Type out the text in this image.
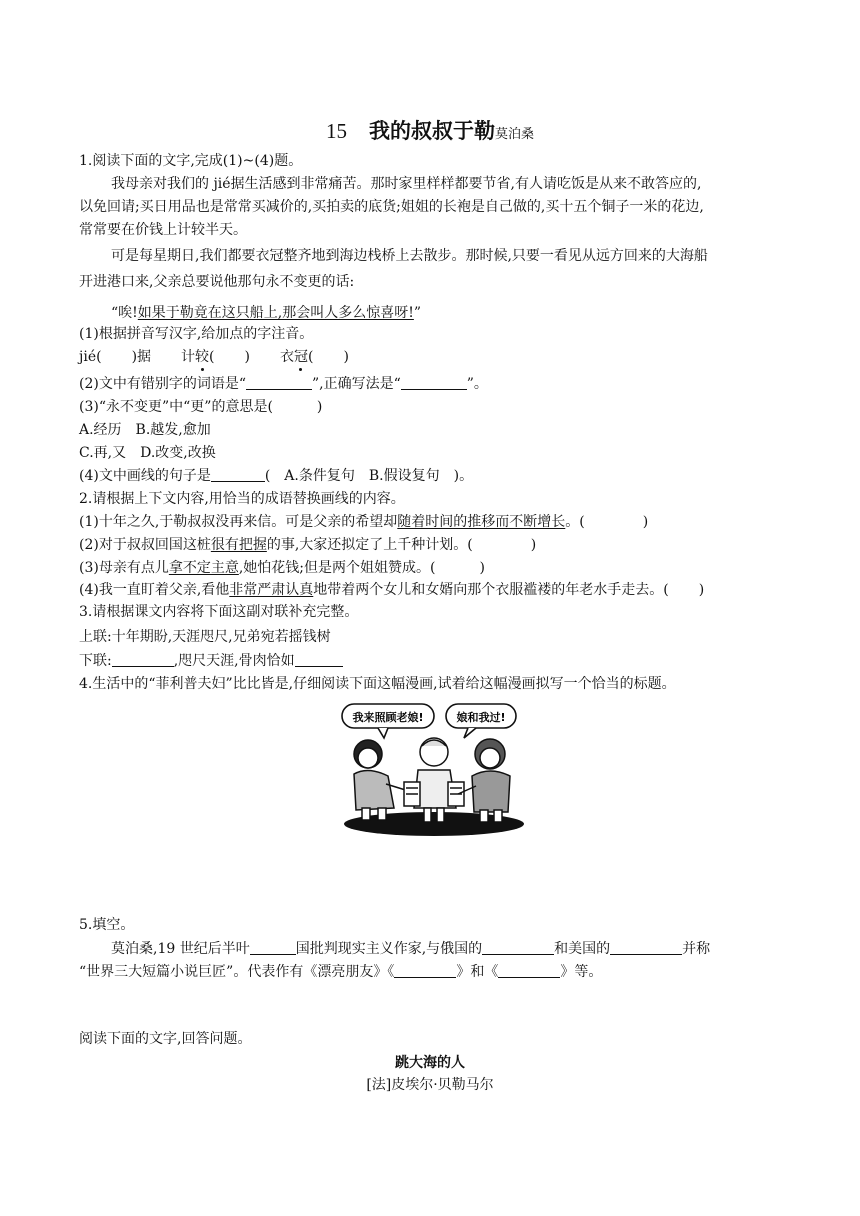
15 我的叔叔于勒莫泊桑
1.阅读下面的文字,完成(1)~(4)题。
我母亲对我们的 jié据生活感到非常痛苦。那时家里样样都要节省,有人请吃饭是从来不敢答应的,
以免回请;买日用品也是常常买减价的,买拍卖的底货;姐姐的长袍是自己做的,买十五个铜子一米的花边,
常常要在价钱上计较半天。
可是每星期日,我们都要衣冠整齐地到海边栈桥上去散步。那时候,只要一看见从远方回来的大海船
开进港口来,父亲总要说他那句永不变更的话:
“唉!如果于勒竟在这只船上,那会叫人多么惊喜呀!”
(1)根据拼音写汉字,给加点的字注音。
jié( )据 计较( ) 衣冠( )
(2)文中有错别字的词语是“	”,正确写法是“	”。
(3)“永不变更”中“更”的意思是(	)
A.经历　B.越发,愈加
C.再,又　D.改变,改换
(4)文中画线的句子是	(　A.条件复句　B.假设复句　)。
2.请根据上下文内容,用恰当的成语替换画线的内容。
(1)十年之久,于勒叔叔没再来信。可是父亲的希望却随着时间的推移而不断增长。(	)
(2)对于叔叔回国这桩很有把握的事,大家还拟定了上千种计划。(	)
(3)母亲有点儿拿不定主意,她怕花钱;但是两个姐姐赞成。(	)
(4)我一直盯着父亲,看他非常严肃认真地带着两个女儿和女婿向那个衣服褴褛的年老水手走去。( )
3.请根据课文内容将下面这副对联补充完整。
上联:十年期盼,天涯咫尺,兄弟宛若摇钱树
下联:	,咫尺天涯,骨肉恰如
4.生活中的“菲利普夫妇”比比皆是,仔细阅读下面这幅漫画,试着给这幅漫画拟写一个恰当的标题。
我来照顾老娘!	娘和我过!
5.填空。
莫泊桑,19 世纪后半叶	国批判现实主义作家,与俄国的	和美国的	并称
“世界三大短篇小说巨匠”。代表作有《漂亮朋友》《	》和《	》等。
阅读下面的文字,回答问题。
跳大海的人
[法]皮埃尔·贝勒马尔
